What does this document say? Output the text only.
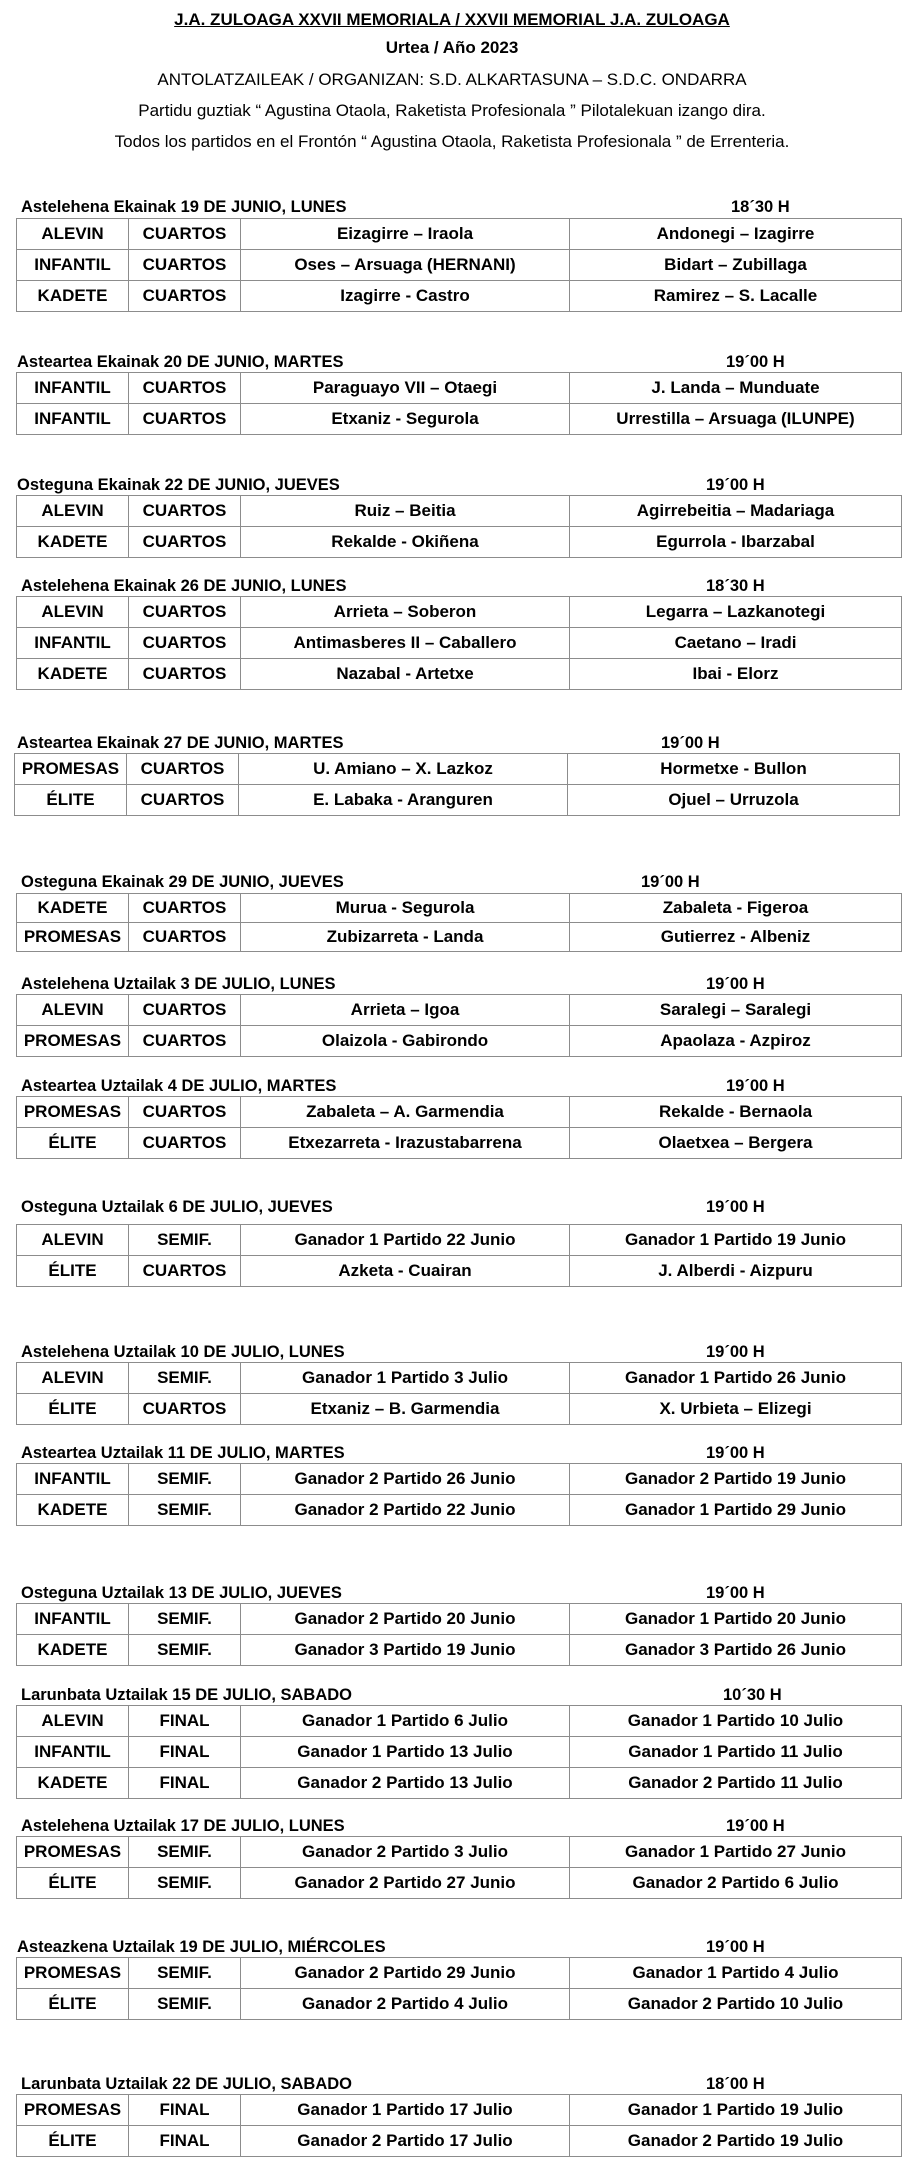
J.A. ZULOAGA XXVII MEMORIALA / XXVII MEMORIAL J.A. ZULOAGA
Urtea / Año 2023
ANTOLATZAILEAK / ORGANIZAN: S.D. ALKARTASUNA – S.D.C. ONDARRA
Partidu guztiak “ Agustina Otaola, Raketista Profesionala ” Pilotalekuan izango dira.
Todos los partidos en el Frontón “ Agustina Otaola, Raketista Profesionala ” de Errenteria.
Astelehena Ekainak 19 DE JUNIO, LUNES	18´30 H
ALEVIN	CUARTOS	Eizagirre – Iraola	Andonegi – Izagirre
INFANTIL	CUARTOS	Oses – Arsuaga (HERNANI)	Bidart – Zubillaga
KADETE	CUARTOS	Izagirre - Castro	Ramirez – S. Lacalle
Asteartea Ekainak 20 DE JUNIO, MARTES	19´00 H
INFANTIL	CUARTOS	Paraguayo VII – Otaegi	J. Landa – Munduate
INFANTIL	CUARTOS	Etxaniz - Segurola	Urrestilla – Arsuaga (ILUNPE)
Osteguna Ekainak 22 DE JUNIO, JUEVES	19´00 H
ALEVIN	CUARTOS	Ruiz – Beitia	Agirrebeitia – Madariaga
KADETE	CUARTOS	Rekalde - Okiñena	Egurrola - Ibarzabal
Astelehena Ekainak 26 DE JUNIO, LUNES	18´30 H
ALEVIN	CUARTOS	Arrieta – Soberon	Legarra – Lazkanotegi
INFANTIL	CUARTOS	Antimasberes II – Caballero	Caetano – Iradi
KADETE	CUARTOS	Nazabal - Artetxe	Ibai - Elorz
Asteartea Ekainak 27 DE JUNIO, MARTES	19´00 H
PROMESAS	CUARTOS	U. Amiano – X. Lazkoz	Hormetxe - Bullon
ÉLITE	CUARTOS	E. Labaka - Aranguren	Ojuel – Urruzola
Osteguna Ekainak 29 DE JUNIO, JUEVES	19´00 H
KADETE	CUARTOS	Murua - Segurola	Zabaleta - Figeroa
PROMESAS	CUARTOS	Zubizarreta - Landa	Gutierrez - Albeniz
Astelehena Uztailak 3 DE JULIO, LUNES	19´00 H
ALEVIN	CUARTOS	Arrieta – Igoa	Saralegi – Saralegi
PROMESAS	CUARTOS	Olaizola - Gabirondo	Apaolaza - Azpiroz
Asteartea Uztailak 4 DE JULIO, MARTES	19´00 H
PROMESAS	CUARTOS	Zabaleta – A. Garmendia	Rekalde - Bernaola
ÉLITE	CUARTOS	Etxezarreta - Irazustabarrena	Olaetxea – Bergera
Osteguna Uztailak 6 DE JULIO, JUEVES	19´00 H
ALEVIN	SEMIF.	Ganador 1 Partido 22 Junio	Ganador 1 Partido 19 Junio
ÉLITE	CUARTOS	Azketa - Cuairan	J. Alberdi - Aizpuru
Astelehena Uztailak 10 DE JULIO, LUNES	19´00 H
ALEVIN	SEMIF.	Ganador 1 Partido 3 Julio	Ganador 1 Partido 26 Junio
ÉLITE	CUARTOS	Etxaniz – B. Garmendia	X. Urbieta – Elizegi
Asteartea Uztailak 11 DE JULIO, MARTES	19´00 H
INFANTIL	SEMIF.	Ganador 2 Partido 26 Junio	Ganador 2 Partido 19 Junio
KADETE	SEMIF.	Ganador 2 Partido 22 Junio	Ganador 1 Partido 29 Junio
Osteguna Uztailak 13 DE JULIO, JUEVES	19´00 H
INFANTIL	SEMIF.	Ganador 2 Partido 20 Junio	Ganador 1 Partido 20 Junio
KADETE	SEMIF.	Ganador 3 Partido 19 Junio	Ganador 3 Partido 26 Junio
Larunbata Uztailak 15 DE JULIO, SABADO	10´30 H
ALEVIN	FINAL	Ganador 1 Partido 6 Julio	Ganador 1 Partido 10 Julio
INFANTIL	FINAL	Ganador 1 Partido 13 Julio	Ganador 1 Partido 11 Julio
KADETE	FINAL	Ganador 2 Partido 13 Julio	Ganador 2 Partido 11 Julio
Astelehena Uztailak 17 DE JULIO, LUNES	19´00 H
PROMESAS	SEMIF.	Ganador 2 Partido 3 Julio	Ganador 1 Partido 27 Junio
ÉLITE	SEMIF.	Ganador 2 Partido 27 Junio	Ganador 2 Partido 6 Julio
Asteazkena Uztailak 19 DE JULIO, MIÉRCOLES	19´00 H
PROMESAS	SEMIF.	Ganador 2 Partido 29 Junio	Ganador 1 Partido 4 Julio
ÉLITE	SEMIF.	Ganador 2 Partido 4 Julio	Ganador 2 Partido 10 Julio
Larunbata Uztailak 22 DE JULIO, SABADO	18´00 H
PROMESAS	FINAL	Ganador 1 Partido 17 Julio	Ganador 1 Partido 19 Julio
ÉLITE	FINAL	Ganador 2 Partido 17 Julio	Ganador 2 Partido 19 Julio
